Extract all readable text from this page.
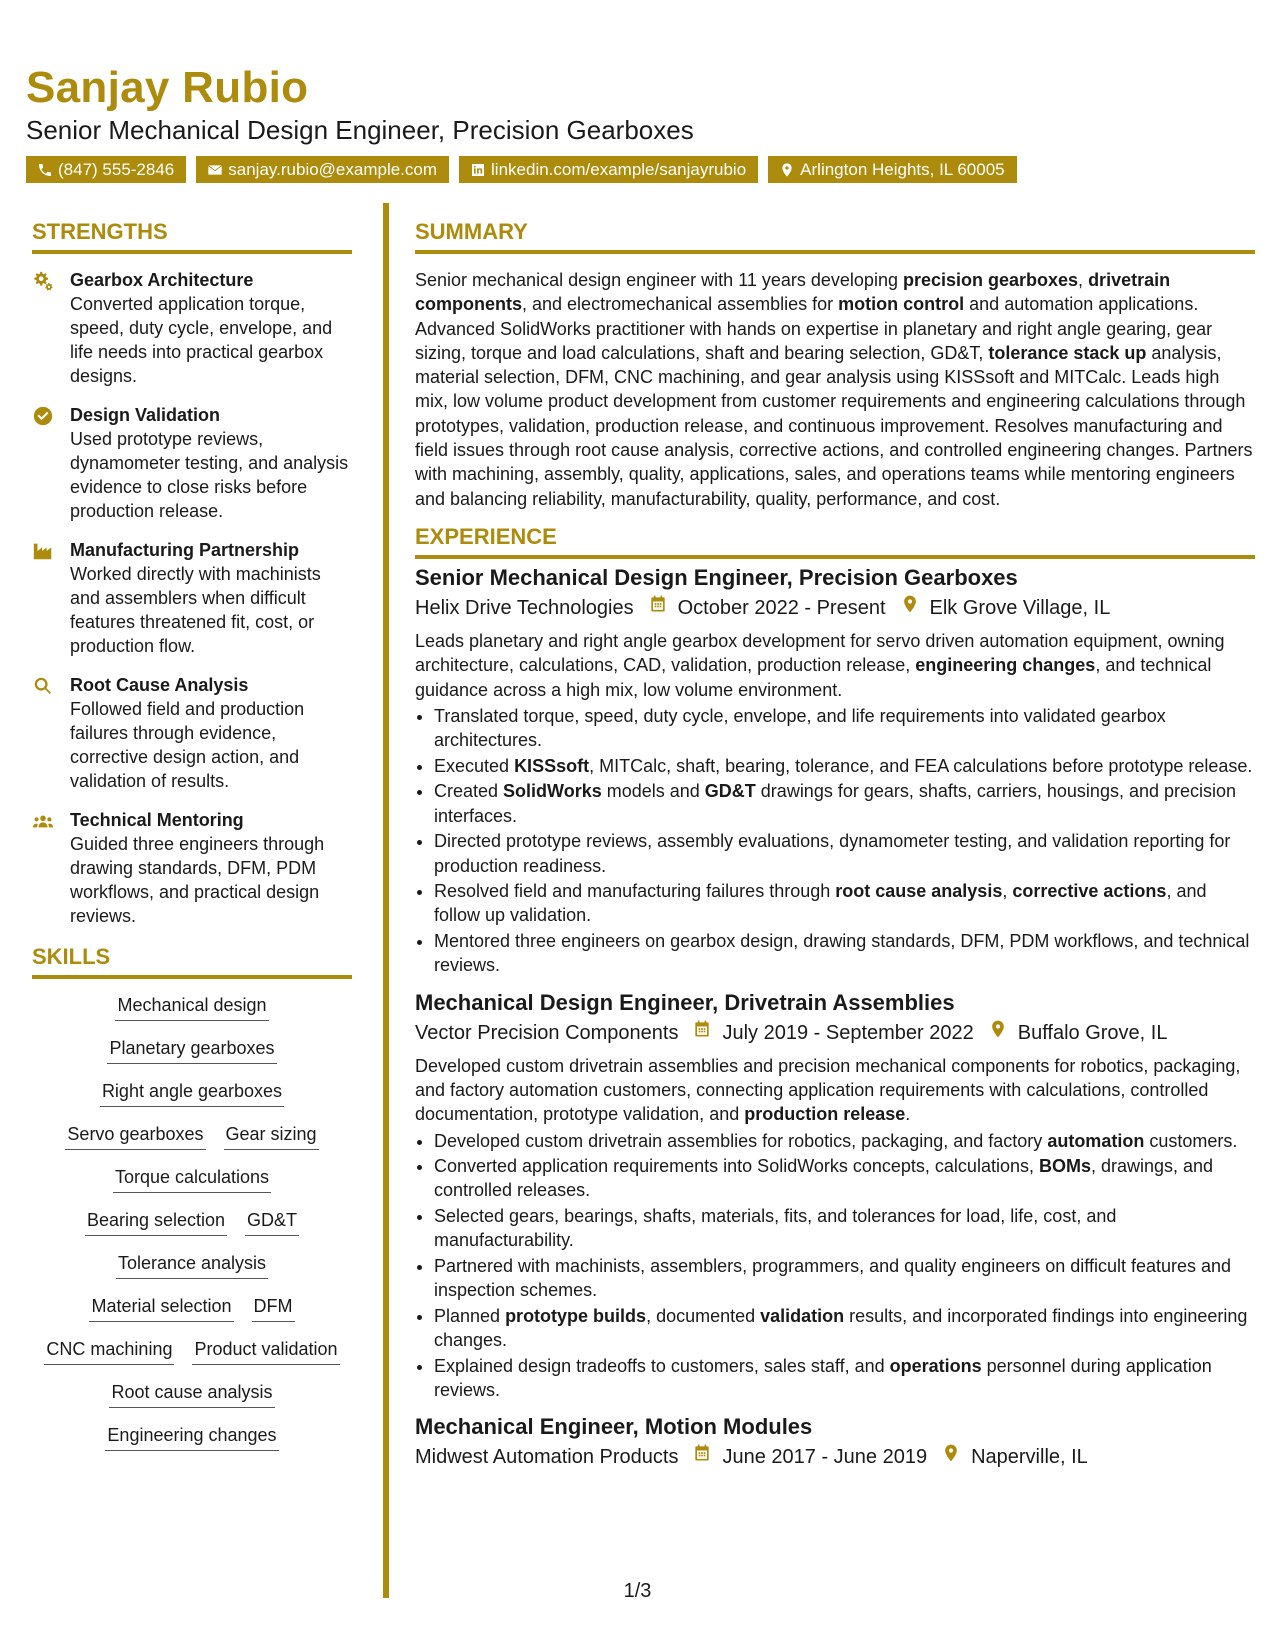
Sanjay Rubio
Senior Mechanical Design Engineer, Precision Gearboxes
(847) 555-2846	sanjay.rubio@example.com	linkedin.com/example/sanjayrubio	Arlington Heights, IL 60005
STRENGTHS
Gearbox Architecture
Converted application torque, speed, duty cycle, envelope, and life needs into practical gearbox designs.
Design Validation
Used prototype reviews, dynamometer testing, and analysis evidence to close risks before production release.
Manufacturing Partnership
Worked directly with machinists and assemblers when difficult features threatened fit, cost, or production flow.
Root Cause Analysis
Followed field and production failures through evidence, corrective design action, and validation of results.
Technical Mentoring
Guided three engineers through drawing standards, DFM, PDM workflows, and practical design reviews.
SKILLS
Mechanical design
Planetary gearboxes
Right angle gearboxes
Servo gearboxes Gear sizing
Torque calculations
Bearing selection GD&T
Tolerance analysis
Material selection DFM
CNC machining Product validation
Root cause analysis
Engineering changes
SUMMARY

Senior mechanical design engineer with 11 years developing precision gearboxes, drivetrain components, and electromechanical assemblies for motion control and automation applications. Advanced SolidWorks practitioner with hands on expertise in planetary and right angle gearing, gear sizing, torque and load calculations, shaft and bearing selection, GD&T, tolerance stack up analysis, material selection, DFM, CNC machining, and gear analysis using KISSsoft and MITCalc. Leads high mix, low volume product development from customer requirements and engineering calculations through prototypes, validation, production release, and continuous improvement. Resolves manufacturing and field issues through root cause analysis, corrective actions, and controlled engineering changes. Partners with machining, assembly, quality, applications, sales, and operations teams while mentoring engineers and balancing reliability, manufacturability, quality, performance, and cost.

EXPERIENCE
Senior Mechanical Design Engineer, Precision Gearboxes
Helix Drive Technologies October 2022 - Present Elk Grove Village, IL

Leads planetary and right angle gearbox development for servo driven automation equipment, owning architecture, calculations, CAD, validation, production release, engineering changes, and technical guidance across a high mix, low volume environment.

• Translated torque, speed, duty cycle, envelope, and life requirements into validated gearbox architectures.
• Executed KISSsoft, MITCalc, shaft, bearing, tolerance, and FEA calculations before prototype release.
• Created SolidWorks models and GD&T drawings for gears, shafts, carriers, housings, and precision interfaces.
• Directed prototype reviews, assembly evaluations, dynamometer testing, and validation reporting for production readiness.
• Resolved field and manufacturing failures through root cause analysis, corrective actions, and follow up validation.
• Mentored three engineers on gearbox design, drawing standards, DFM, PDM workflows, and technical reviews.
Mechanical Design Engineer, Drivetrain Assemblies
Vector Precision Components July 2019 - September 2022 Buffalo Grove, IL

Developed custom drivetrain assemblies and precision mechanical components for robotics, packaging, and factory automation customers, connecting application requirements with calculations, controlled documentation, prototype validation, and production release.

• Developed custom drivetrain assemblies for robotics, packaging, and factory automation customers.
• Converted application requirements into SolidWorks concepts, calculations, BOMs, drawings, and controlled releases.
• Selected gears, bearings, shafts, materials, fits, and tolerances for load, life, cost, and manufacturability.
• Partnered with machinists, assemblers, programmers, and quality engineers on difficult features and inspection schemes.
• Planned prototype builds, documented validation results, and incorporated findings into engineering changes.
• Explained design tradeoffs to customers, sales staff, and operations personnel during application reviews.
Mechanical Engineer, Motion Modules
Midwest Automation Products June 2017 - June 2019 Naperville, IL
1/3
